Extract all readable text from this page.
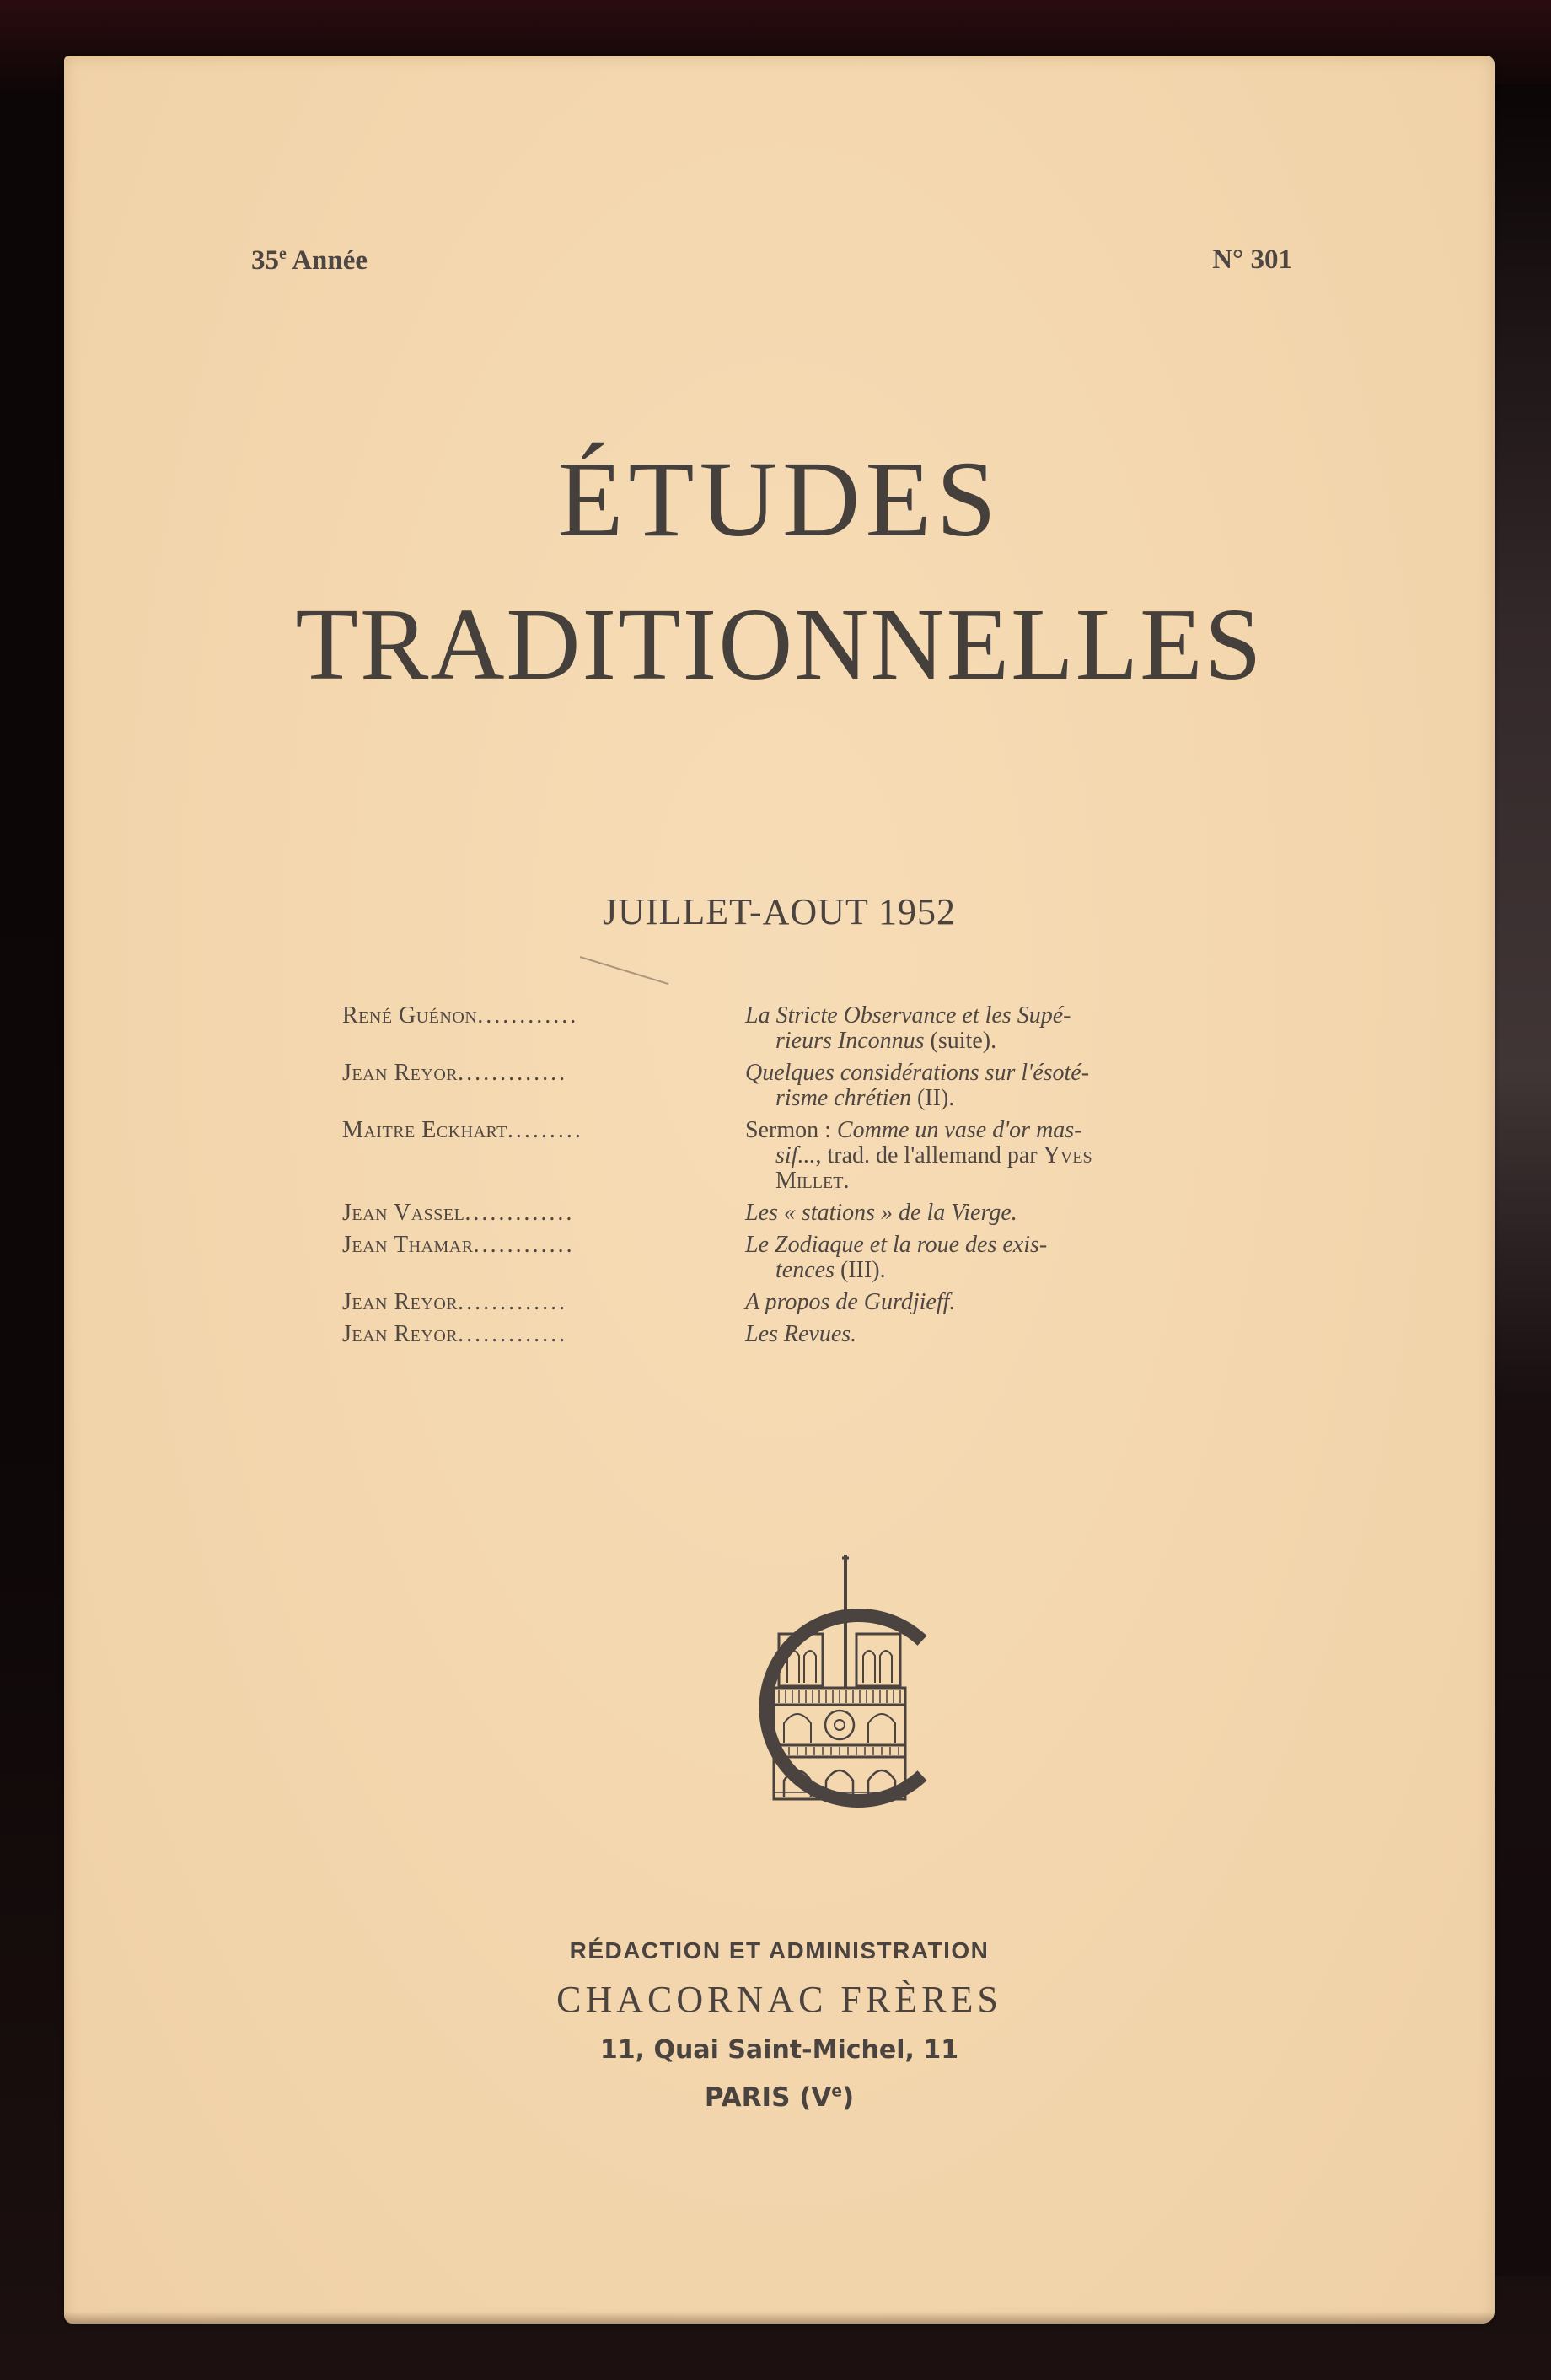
35e Année	N° 301
ÉTUDES
TRADITIONNELLES
JUILLET-AOUT 1952
René Guénon............	La Stricte Observance et les Supé-
rieurs Inconnus (suite).
Jean Reyor.............	Quelques considérations sur l'ésoté-
risme chrétien (II).
Maitre Eckhart.........	Sermon : Comme un vase d'or mas-
sif..., trad. de l'allemand par Yves
Millet.
Jean Vassel.............	Les « stations » de la Vierge.
Jean Thamar............	Le Zodiaque et la roue des exis-
tences (III).
Jean Reyor.............	A propos de Gurdjieff.
Jean Reyor.............	Les Revues.
RÉDACTION ET ADMINISTRATION
CHACORNAC FRÈRES
11, Quai Saint-Michel, 11
PARIS (Ve)
